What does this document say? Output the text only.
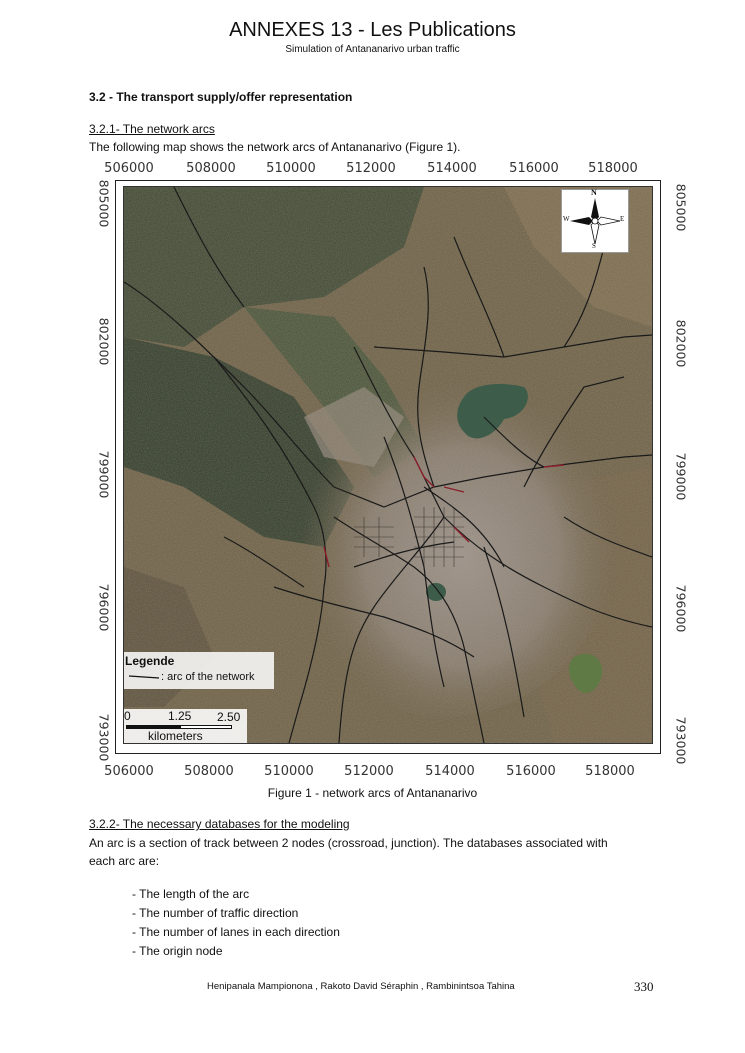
ANNEXES 13 - Les Publications
Simulation of Antananarivo urban traffic
3.2 - The transport supply/offer representation
3.2.1- The network arcs
The following map shows the network arcs of Antananarivo (Figure 1).
506000 508000 510000 512000 514000 516000 518000
506000 508000 510000 512000 514000 516000 518000
805000
802000
799000
796000
793000
805000
802000
799000
796000
793000
N
S
E
W
Legende
: arc of the network
0	1.25 2.50
kilometers
Figure 1 - network arcs of Antananarivo
3.2.2- The necessary databases for the modeling
An arc is a section of track between 2 nodes (crossroad, junction). The databases associated with
each arc are:
- The length of the arc
- The number of traffic direction
- The number of lanes in each direction
- The origin node
Henipanala Mampionona , Rakoto David Séraphin , Rambinintsoa Tahina	330
